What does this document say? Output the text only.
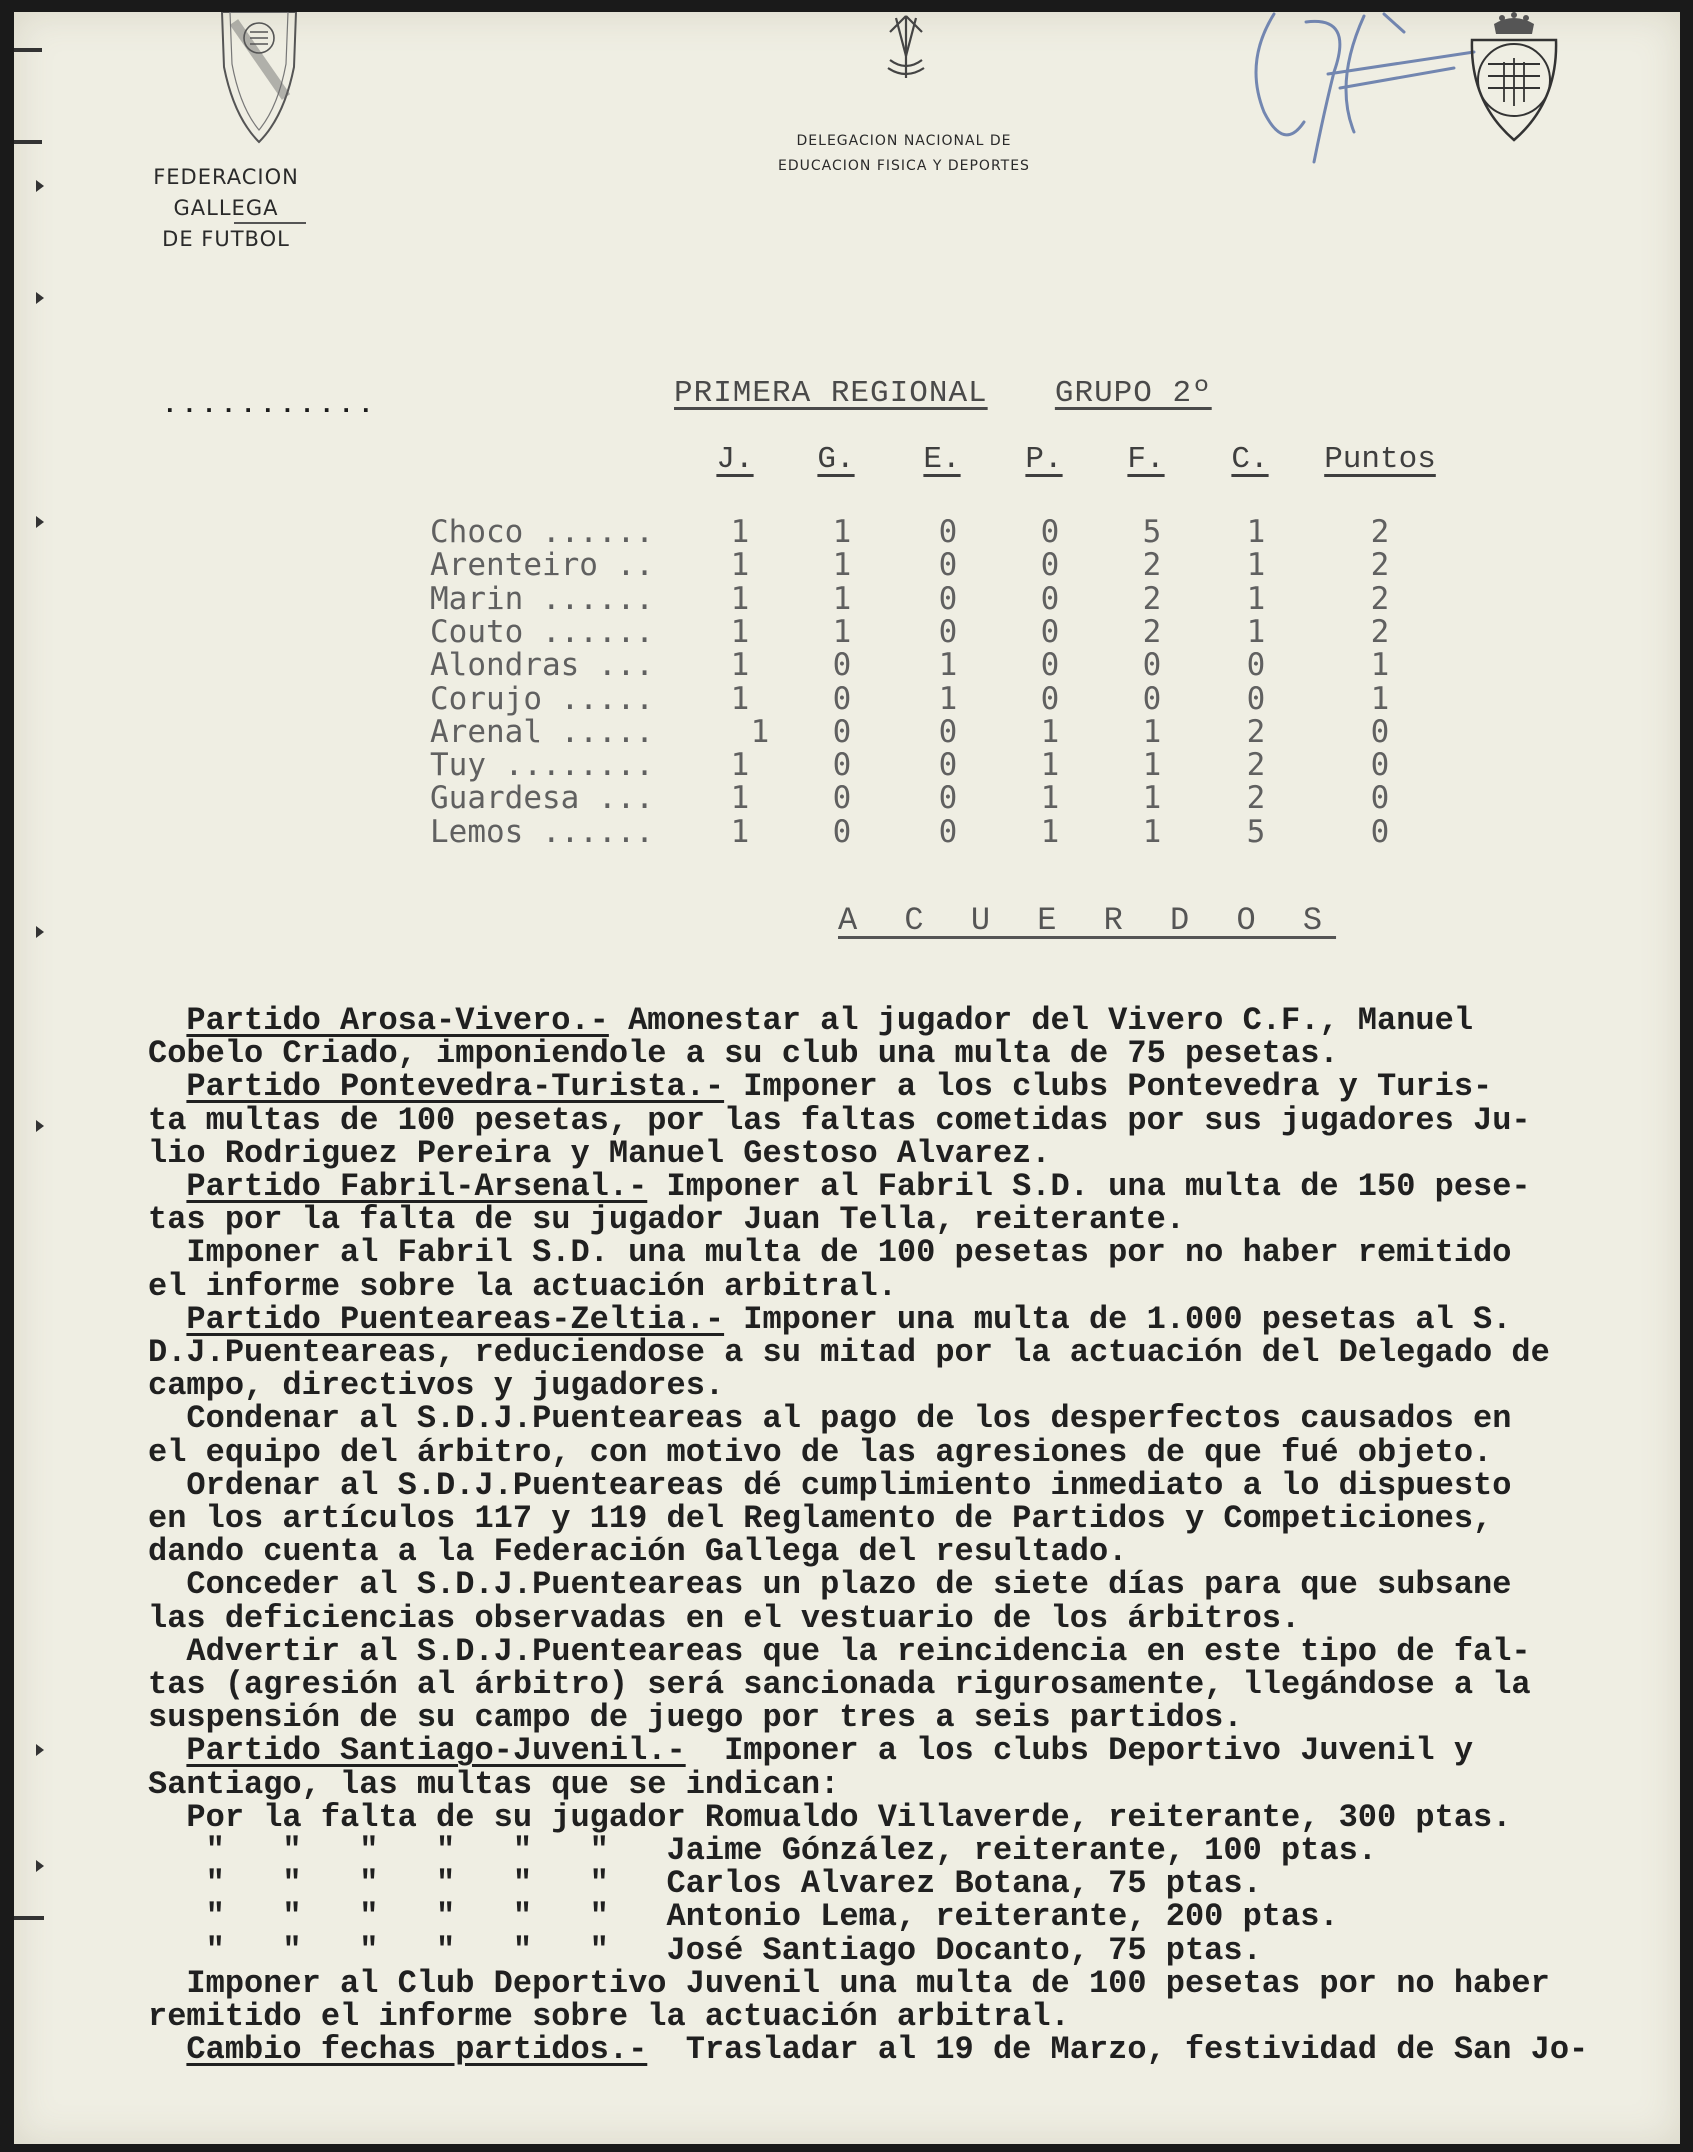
FEDERACION GALLEGA
DE FUTBOL
DELEGACION NACIONAL DE
EDUCACION FISICA Y DEPORTES
...........	PRIMERA REGIONAL GRUPO 2º
J.	G.	E.	P.	F.	C.	Puntos
Choco ......	1	1	0	0	5	1	2
Arenteiro ..	1	1	0	0	2	1	2
Marin ......	1	1	0	0	2	1	2
Couto ......	1	1	0	0	2	1	2
Alondras ...	1	0	1	0	0	0	1
Corujo .....	1	0	1	0	0	0	1
Arenal .....	1	0	0	1	1	2	0
Tuy ........	1	0	0	1	1	2	0
Guardesa ...	1	0	0	1	1	2	0
Lemos ......	1	0	0	1	1	5	0
A C U E R D O S
Partido Arosa-Vivero.- Amonestar al jugador del Vivero C.F., Manuel
Cobelo Criado, imponiendole a su club una multa de 75 pesetas.
Partido Pontevedra-Turista.- Imponer a los clubs Pontevedra y Turis-
ta multas de 100 pesetas, por las faltas cometidas por sus jugadores Ju-
lio Rodriguez Pereira y Manuel Gestoso Alvarez.
Partido Fabril-Arsenal.- Imponer al Fabril S.D. una multa de 150 pese-
tas por la falta de su jugador Juan Tella, reiterante.
Imponer al Fabril S.D. una multa de 100 pesetas por no haber remitido
el informe sobre la actuación arbitral.
Partido Puenteareas-Zeltia.- Imponer una multa de 1.000 pesetas al S.
D.J.Puenteareas, reduciendose a su mitad por la actuación del Delegado de
campo, directivos y jugadores.
Condenar al S.D.J.Puenteareas al pago de los desperfectos causados en
el equipo del árbitro, con motivo de las agresiones de que fué objeto.
Ordenar al S.D.J.Puenteareas dé cumplimiento inmediato a lo dispuesto
en los artículos 117 y 119 del Reglamento de Partidos y Competiciones,
dando cuenta a la Federación Gallega del resultado.
Conceder al S.D.J.Puenteareas un plazo de siete días para que subsane
las deficiencias observadas en el vestuario de los árbitros.
Advertir al S.D.J.Puenteareas que la reincidencia en este tipo de fal-
tas (agresión al árbitro) será sancionada rigurosamente, llegándose a la
suspensión de su campo de juego por tres a seis partidos.
Partido Santiago-Juvenil.-  Imponer a los clubs Deportivo Juvenil y
Santiago, las multas que se indican:
Por la falta de su jugador Romualdo Villaverde, reiterante, 300 ptas.
"   "   "   "   "   "   Jaime Gónzález, reiterante, 100 ptas.
"   "   "   "   "   "   Carlos Alvarez Botana, 75 ptas.
"   "   "   "   "   "   Antonio Lema, reiterante, 200 ptas.
"   "   "   "   "   "   José Santiago Docanto, 75 ptas.
Imponer al Club Deportivo Juvenil una multa de 100 pesetas por no haber
remitido el informe sobre la actuación arbitral.
Cambio fechas partidos.-  Trasladar al 19 de Marzo, festividad de San Jo-
